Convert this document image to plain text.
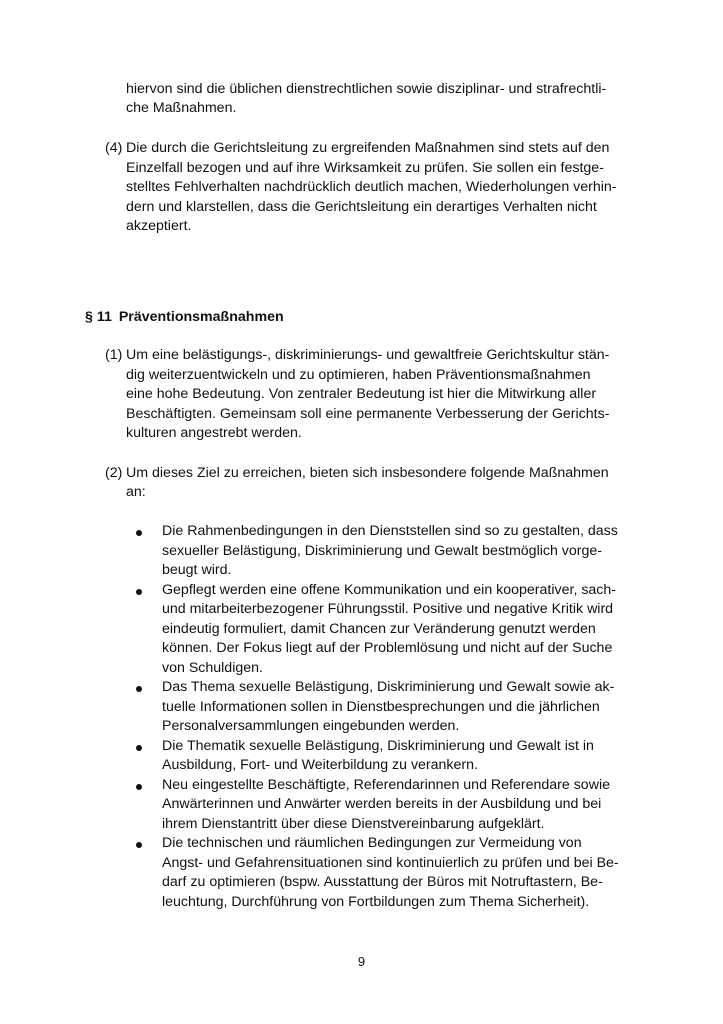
hiervon sind die üblichen dienstrechtlichen sowie disziplinar- und strafrechtli-
che Maßnahmen.
(4) Die durch die Gerichtsleitung zu ergreifenden Maßnahmen sind stets auf den
Einzelfall bezogen und auf ihre Wirksamkeit zu prüfen. Sie sollen ein festge-
stelltes Fehlverhalten nachdrücklich deutlich machen, Wiederholungen verhin-
dern und klarstellen, dass die Gerichtsleitung ein derartiges Verhalten nicht
akzeptiert.
§ 11 Präventionsmaßnahmen
(1) Um eine belästigungs-, diskriminierungs- und gewaltfreie Gerichtskultur stän-
dig weiterzuentwickeln und zu optimieren, haben Präventionsmaßnahmen
eine hohe Bedeutung. Von zentraler Bedeutung ist hier die Mitwirkung aller
Beschäftigten. Gemeinsam soll eine permanente Verbesserung der Gerichts-
kulturen angestrebt werden.
(2) Um dieses Ziel zu erreichen, bieten sich insbesondere folgende Maßnahmen
an:
Die Rahmenbedingungen in den Dienststellen sind so zu gestalten, dass
sexueller Belästigung, Diskriminierung und Gewalt bestmöglich vorge-
beugt wird.
Gepflegt werden eine offene Kommunikation und ein kooperativer, sach-
und mitarbeiterbezogener Führungsstil. Positive und negative Kritik wird
eindeutig formuliert, damit Chancen zur Veränderung genutzt werden
können. Der Fokus liegt auf der Problemlösung und nicht auf der Suche
von Schuldigen.
Das Thema sexuelle Belästigung, Diskriminierung und Gewalt sowie ak-
tuelle Informationen sollen in Dienstbesprechungen und die jährlichen
Personalversammlungen eingebunden werden.
Die Thematik sexuelle Belästigung, Diskriminierung und Gewalt ist in
Ausbildung, Fort- und Weiterbildung zu verankern.
Neu eingestellte Beschäftigte, Referendarinnen und Referendare sowie
Anwärterinnen und Anwärter werden bereits in der Ausbildung und bei
ihrem Dienstantritt über diese Dienstvereinbarung aufgeklärt.
Die technischen und räumlichen Bedingungen zur Vermeidung von
Angst- und Gefahrensituationen sind kontinuierlich zu prüfen und bei Be-
darf zu optimieren (bspw. Ausstattung der Büros mit Notruftastern, Be-
leuchtung, Durchführung von Fortbildungen zum Thema Sicherheit).
9
